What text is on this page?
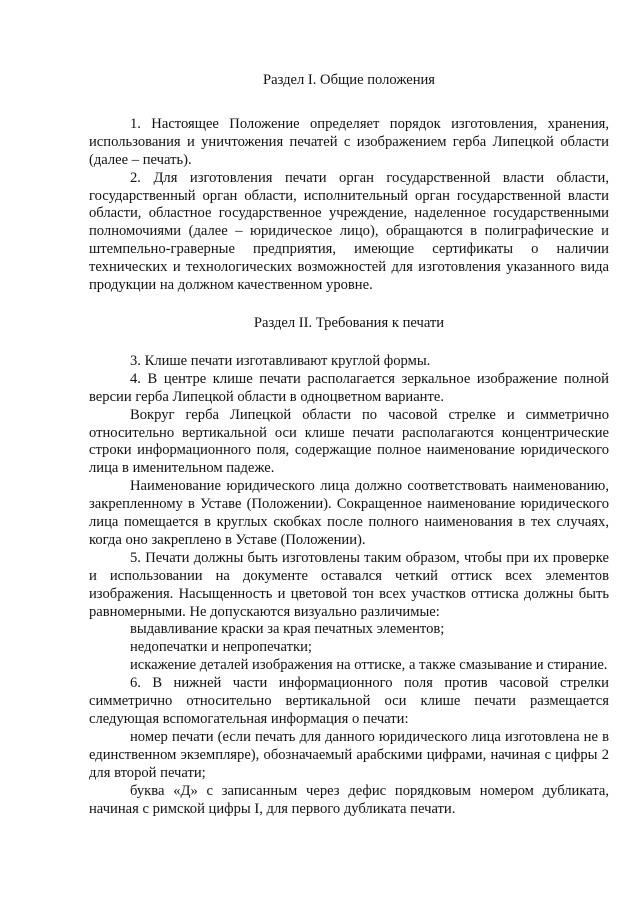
Раздел I. Общие положения

1. Настоящее Положение определяет порядок изготовления, хранения, использования и уничтожения печатей с изображением герба Липецкой области (далее – печать).

2. Для изготовления печати орган государственной власти области, государственный орган области, исполнительный орган государственной власти области, областное государственное учреждение, наделенное государственными полномочиями (далее – юридическое лицо), обращаются в полиграфические и штемпельно-граверные предприятия, имеющие сертификаты о наличии технических и технологических возможностей для изготовления указанного вида продукции на должном качественном уровне.

Раздел II. Требования к печати

3. Клише печати изготавливают круглой формы.

4. В центре клише печати располагается зеркальное изображение полной версии герба Липецкой области в одноцветном варианте.

Вокруг герба Липецкой области по часовой стрелке и симметрично относительно вертикальной оси клише печати располагаются концентрические строки информационного поля, содержащие полное наименование юридического лица в именительном падеже.

Наименование юридического лица должно соответствовать наименованию, закрепленному в Уставе (Положении). Сокращенное наименование юридического лица помещается в круглых скобках после полного наименования в тех случаях, когда оно закреплено в Уставе (Положении).

5. Печати должны быть изготовлены таким образом, чтобы при их проверке и использовании на документе оставался четкий оттиск всех элементов изображения. Насыщенность и цветовой тон всех участков оттиска должны быть равномерными. Не допускаются визуально различимые:

выдавливание краски за края печатных элементов;

недопечатки и непропечатки;

искажение деталей изображения на оттиске, а также смазывание и стирание.

6. В нижней части информационного поля против часовой стрелки симметрично относительно вертикальной оси клише печати размещается следующая вспомогательная информация о печати:

номер печати (если печать для данного юридического лица изготовлена не в единственном экземпляре), обозначаемый арабскими цифрами, начиная с цифры 2 для второй печати;

буква «Д» с записанным через дефис порядковым номером дубликата, начиная с римской цифры I, для первого дубликата печати.
